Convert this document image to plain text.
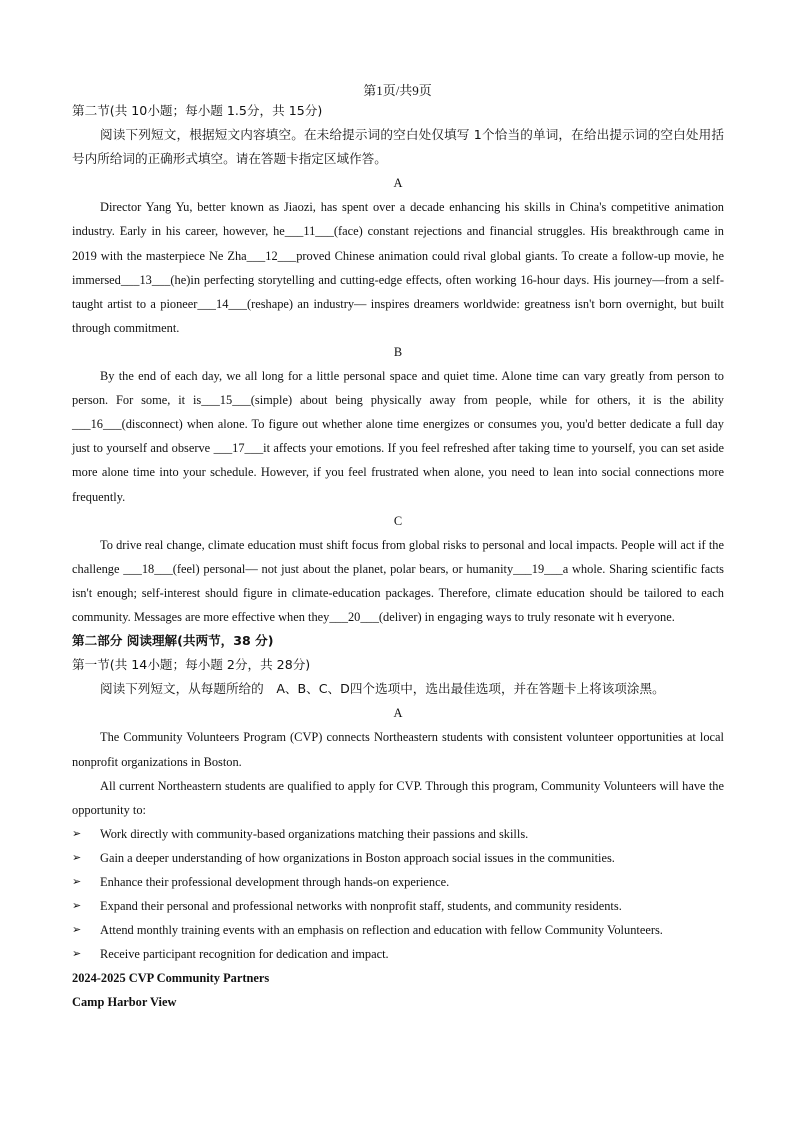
第1页/共9页
第二节(共 10小题；每小题 1.5分，共 15分)

阅读下列短文，根据短文内容填空。在未给提示词的空白处仅填写 1个恰当的单词，在给出提示词的空白处用括号内所给词的正确形式填空。请在答题卡指定区域作答。

A

Director Yang Yu, better known as Jiaozi, has spent over a decade enhancing his skills in China's competitive animation industry. Early in his career, however, he___11___(face) constant rejections and financial struggles. His breakthrough came in 2019 with the masterpiece Ne Zha___12___proved Chinese animation could rival global giants. To create a follow-up movie, he immersed___13___(he)in perfecting storytelling and cutting-edge effects, often working 16-hour days. His journey—from a self-taught artist to a pioneer___14___(reshape) an industry— inspires dreamers worldwide: greatness isn't born overnight, but built through commitment.

B

By the end of each day, we all long for a little personal space and quiet time. Alone time can vary greatly from person to person. For some, it is___15___(simple) about being physically away from people, while for others, it is the ability ___16___(disconnect) when alone. To figure out whether alone time energizes or consumes you, you'd better dedicate a full day just to yourself and observe ___17___it affects your emotions. If you feel refreshed after taking time to yourself, you can set aside more alone time into your schedule. However, if you feel frustrated when alone, you need to lean into social connections more frequently.

C

To drive real change, climate education must shift focus from global risks to personal and local impacts. People will act if the challenge ___18___(feel) personal— not just about the planet, polar bears, or humanity___19___a whole. Sharing scientific facts isn't enough; self-interest should figure in climate-education packages. Therefore, climate education should be tailored to each community. Messages are more effective when they___20___(deliver) in engaging ways to truly resonate wit h everyone.

第二部分 阅读理解(共两节，38 分)
第一节(共 14小题；每小题 2分，共 28分)

阅读下列短文，从每题所给的　A、B、C、D四个选项中，选出最佳选项，并在答题卡上将该项涂黑。

A

The Community Volunteers Program (CVP) connects Northeastern students with consistent volunteer opportunities at local nonprofit organizations in Boston.

All current Northeastern students are qualified to apply for CVP. Through this program, Community Volunteers will have the opportunity to:

➢ Work directly with community-based organizations matching their passions and skills.
➢ Gain a deeper understanding of how organizations in Boston approach social issues in the communities.
➢ Enhance their professional development through hands-on experience.
➢ Expand their personal and professional networks with nonprofit staff, students, and community residents.
➢ Attend monthly training events with an emphasis on reflection and education with fellow Community Volunteers.
➢ Receive participant recognition for dedication and impact.
2024-2025 CVP Community Partners
Camp Harbor View
